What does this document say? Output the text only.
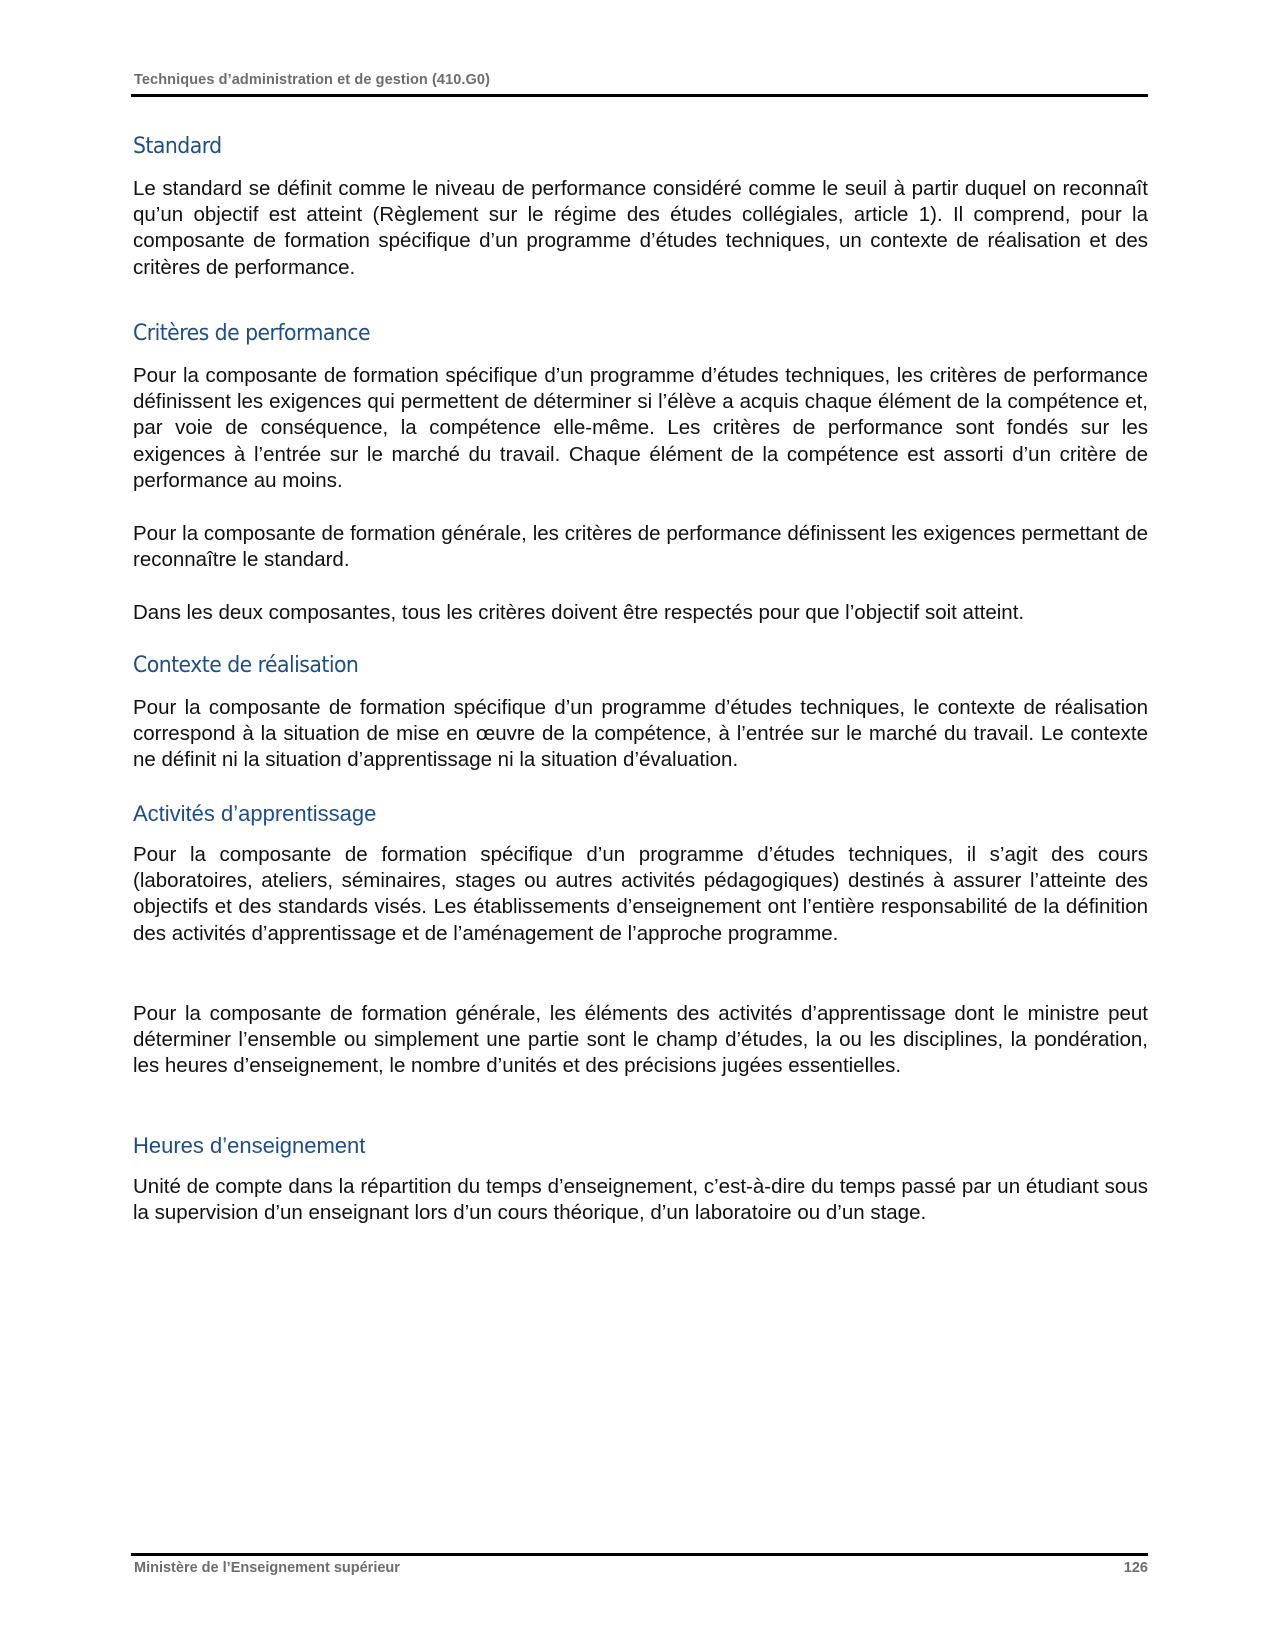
Techniques d’administration et de gestion (410.G0)
Standard
Le standard se définit comme le niveau de performance considéré comme le seuil à partir duquel on reconnaît qu’un objectif est atteint (Règlement sur le régime des études collégiales, article 1). Il comprend, pour la composante de formation spécifique d’un programme d’études techniques, un contexte de réalisation et des critères de performance.
Critères de performance
Pour la composante de formation spécifique d’un programme d’études techniques, les critères de performance définissent les exigences qui permettent de déterminer si l’élève a acquis chaque élément de la compétence et, par voie de conséquence, la compétence elle-même. Les critères de performance sont fondés sur les exigences à l’entrée sur le marché du travail. Chaque élément de la compétence est assorti d’un critère de performance au moins.
Pour la composante de formation générale, les critères de performance définissent les exigences permettant de reconnaître le standard.
Dans les deux composantes, tous les critères doivent être respectés pour que l’objectif soit atteint.
Contexte de réalisation
Pour la composante de formation spécifique d’un programme d’études techniques, le contexte de réalisation correspond à la situation de mise en œuvre de la compétence, à l’entrée sur le marché du travail. Le contexte ne définit ni la situation d’apprentissage ni la situation d’évaluation.
Activités d’apprentissage
Pour la composante de formation spécifique d’un programme d’études techniques, il s’agit des cours (laboratoires, ateliers, séminaires, stages ou autres activités pédagogiques) destinés à assurer l’atteinte des objectifs et des standards visés. Les établissements d’enseignement ont l’entière responsabilité de la définition des activités d’apprentissage et de l’aménagement de l’approche programme.
Pour la composante de formation générale, les éléments des activités d’apprentissage dont le ministre peut déterminer l’ensemble ou simplement une partie sont le champ d’études, la ou les disciplines, la pondération, les heures d’enseignement, le nombre d’unités et des précisions jugées essentielles.
Heures d’enseignement
Unité de compte dans la répartition du temps d’enseignement, c’est-à-dire du temps passé par un étudiant sous la supervision d’un enseignant lors d’un cours théorique, d’un laboratoire ou d’un stage.
Ministère de l’Enseignement supérieur	126
